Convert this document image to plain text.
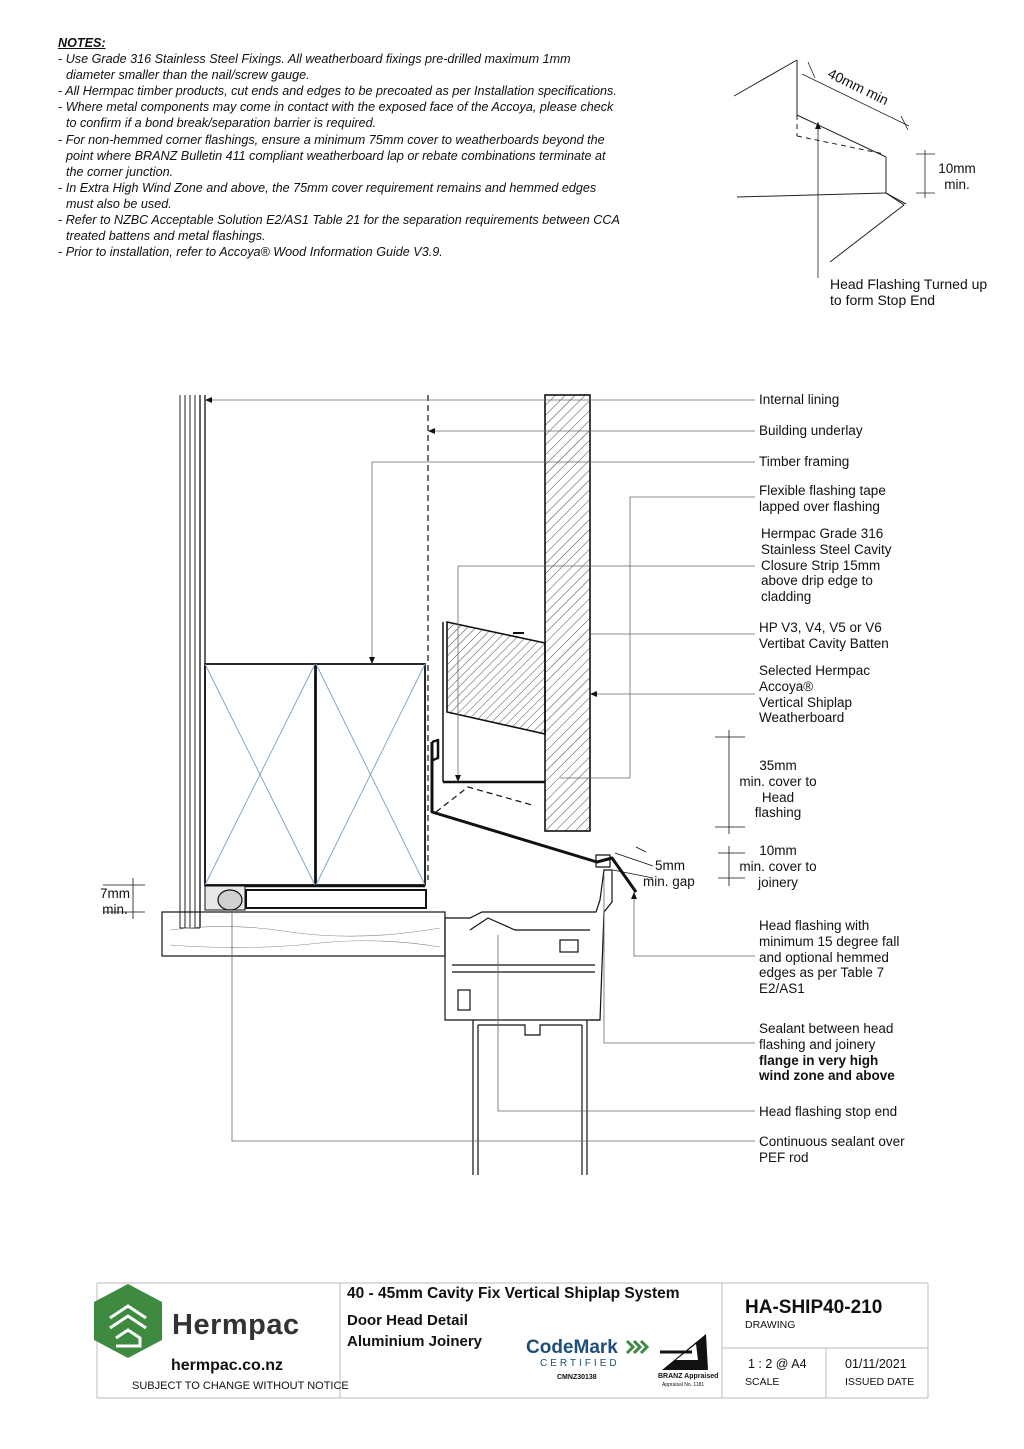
NOTES:
- Use Grade 316 Stainless Steel Fixings. All weatherboard fixings pre-drilled maximum 1mm
diameter smaller than the nail/screw gauge.
- All Hermpac timber products, cut ends and edges to be precoated as per Installation specifications.
- Where metal components may come in contact with the exposed face of the Accoya, please check
to confirm if a bond break/separation barrier is required.
- For non-hemmed corner flashings, ensure a minimum 75mm cover to weatherboards beyond the
point where BRANZ Bulletin 411 compliant weatherboard lap or rebate combinations terminate at
the corner junction.
- In Extra High Wind Zone and above, the 75mm cover requirement remains and hemmed edges
must also be used.
- Refer to NZBC Acceptable Solution E2/AS1 Table 21 for the separation requirements between CCA
treated battens and metal flashings.
- Prior to installation, refer to Accoya® Wood Information Guide V3.9.
40mm min
10mm
min.
Head Flashing Turned up
to form Stop End
Internal lining
Building underlay
Timber framing
Flexible flashing tape
lapped over flashing
Hermpac Grade 316
Stainless Steel Cavity
Closure Strip 15mm
above drip edge to
cladding
HP V3, V4, V5 or V6
Vertibat Cavity Batten
Selected Hermpac
Accoya®
Vertical Shiplap
Weatherboard
Head flashing with
minimum 15 degree fall
and optional hemmed
edges as per Table 7
E2/AS1
Sealant between head
flashing and joinery
flange in very high
wind zone and above
Head flashing stop end
Continuous sealant over
PEF rod
35mm
min. cover to
Head
flashing
10mm
min. cover to
joinery
5mm
min. gap
7mm
min.
Hermpac
hermpac.co.nz
SUBJECT TO CHANGE WITHOUT NOTICE
40 - 45mm Cavity Fix Vertical Shiplap System
Door Head Detail
Aluminium Joinery CodeMark
CERTIFIED
CMNZ30138	BRANZ Appraised
Appraisal No. 1181
HA-SHIP40-210
DRAWING
1 : 2 @ A4
SCALE
01/11/2021
ISSUED DATE
